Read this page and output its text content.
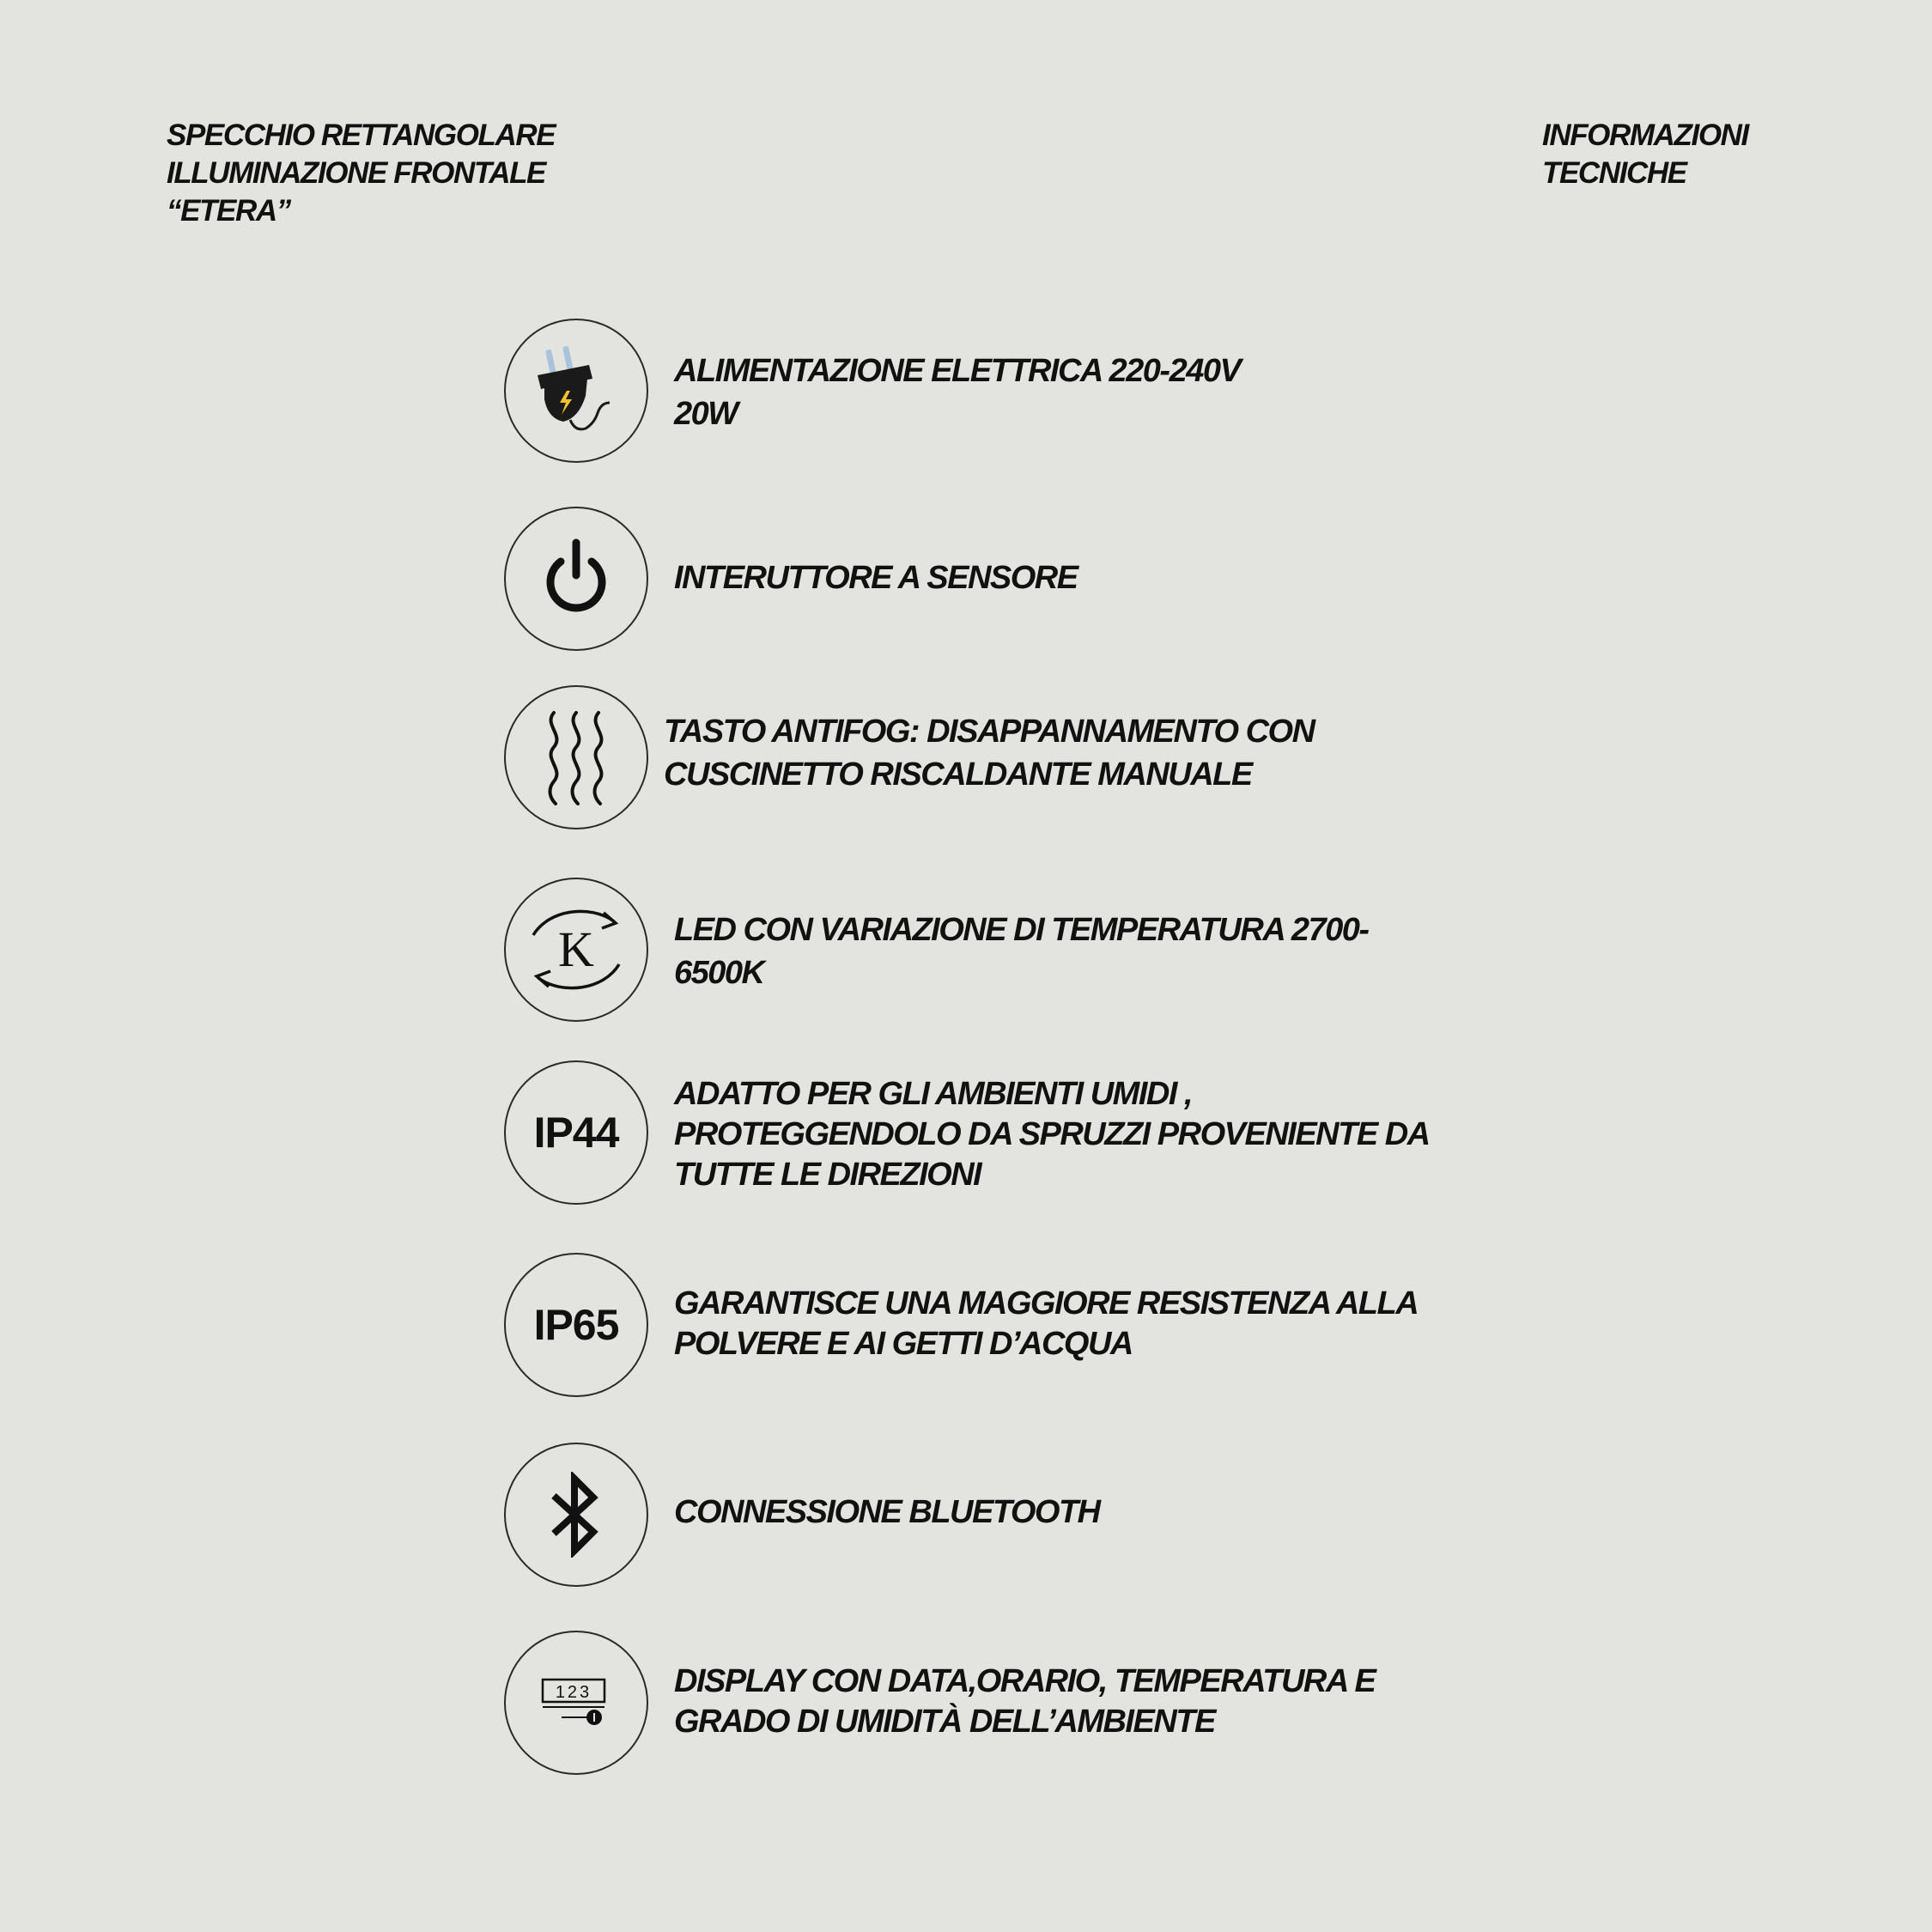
SPECCHIO RETTANGOLARE
ILLUMINAZIONE FRONTALE
“ETERA”
INFORMAZIONI
TECNICHE
ALIMENTAZIONE ELETTRICA 220-240V
20W
INTERUTTORE A SENSORE
TASTO ANTIFOG: DISAPPANNAMENTO CON
CUSCINETTO RISCALDANTE MANUALE
K LED CON VARIAZIONE DI TEMPERATURA 2700-
6500K
IP44
ADATTO PER GLI AMBIENTI UMIDI ,
PROTEGGENDOLO DA SPRUZZI PROVENIENTE DA
TUTTE LE DIREZIONI
IP65 GARANTISCE UNA MAGGIORE RESISTENZA ALLA
POLVERE E AI GETTI D’ACQUA
CONNESSIONE BLUETOOTH
123	DISPLAY CON DATA,ORARIO, TEMPERATURA E
GRADO DI UMIDITÀ DELL’AMBIENTE
